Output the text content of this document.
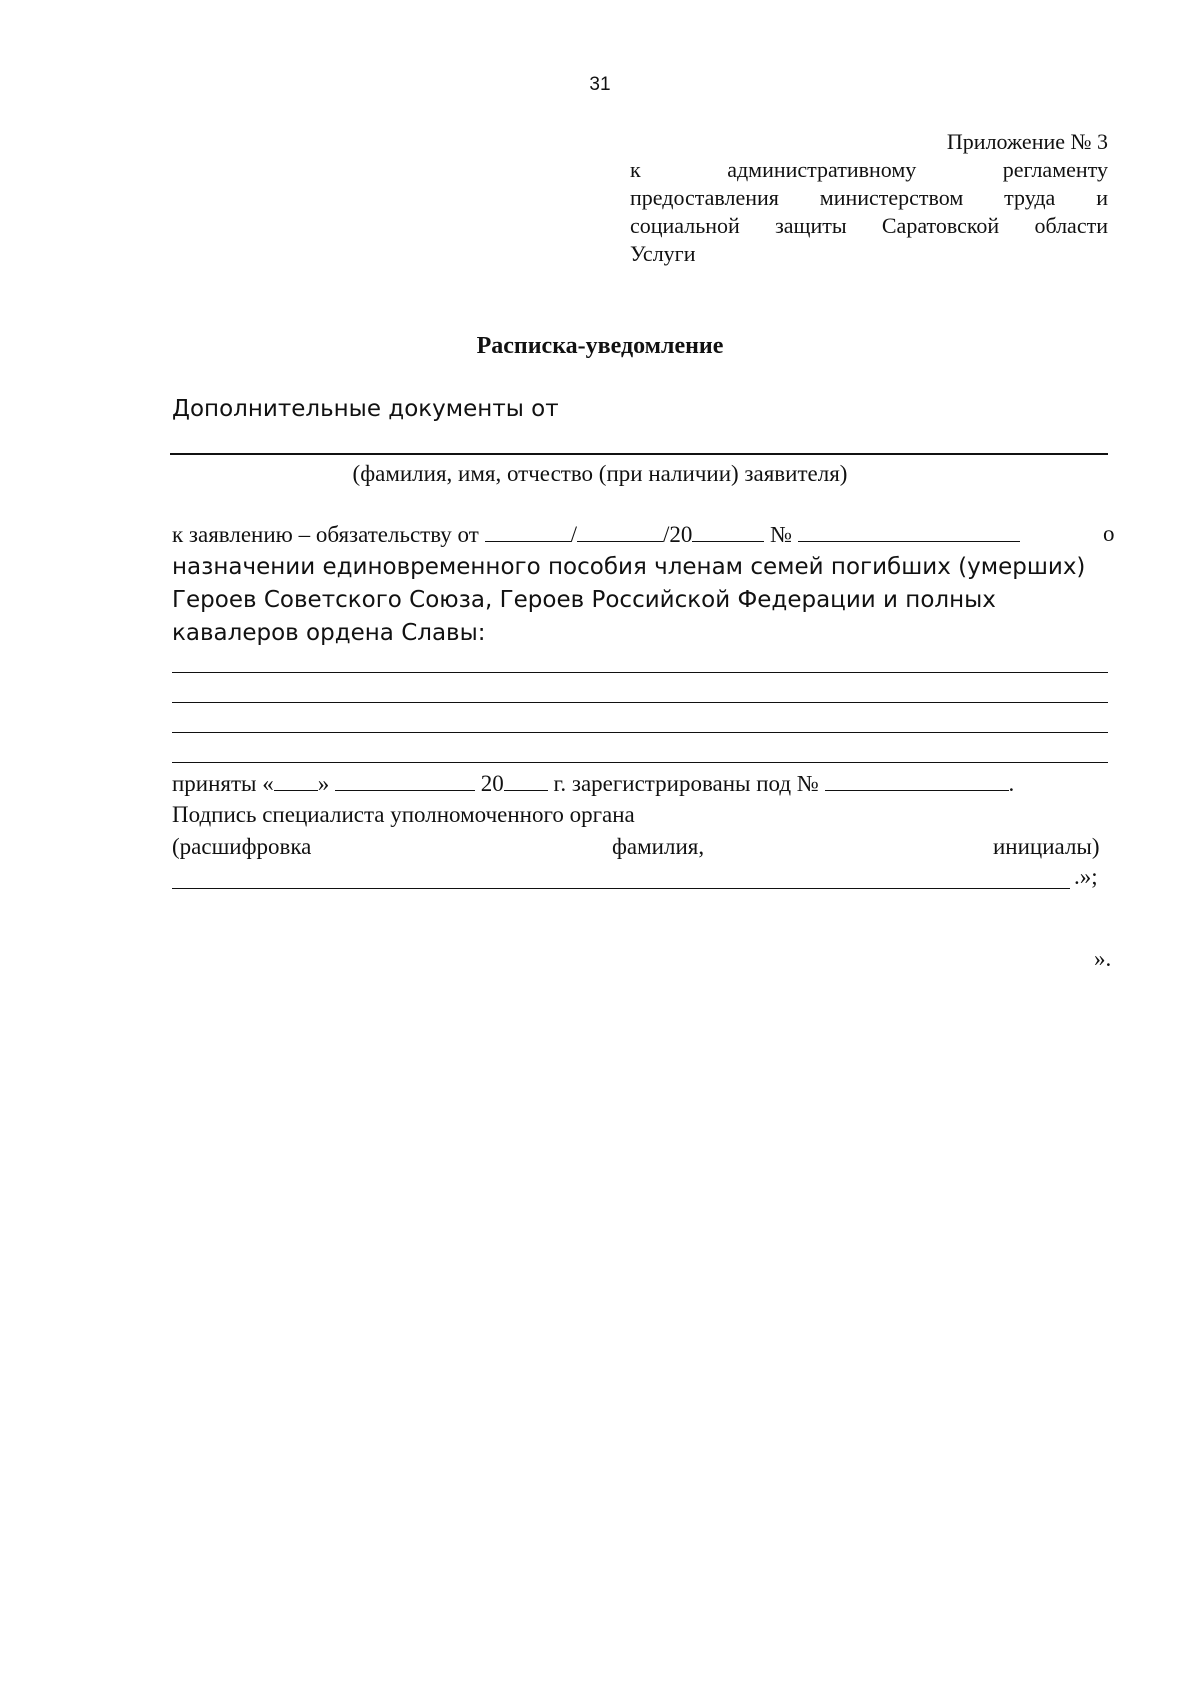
31
Приложение № 3
к	административному	регламенту
предоставления министерством труда и
социальной защиты Саратовской области
Услуги
Расписка-уведомление
Дополнительные документы от
(фамилия, имя, отчество (при наличии) заявителя)
к заявлению – обязательству от	/	/20	№	о
назначении единовременного пособия членам семей погибших (умерших)
Героев Советского Союза, Героев Российской Федерации и полных
кавалеров ордена Славы:
приняты « »	20 г. зарегистрированы под №	.
Подпись специалиста уполномоченного органа
(расшифровка	фамилия,	инициалы)
.»;
».
